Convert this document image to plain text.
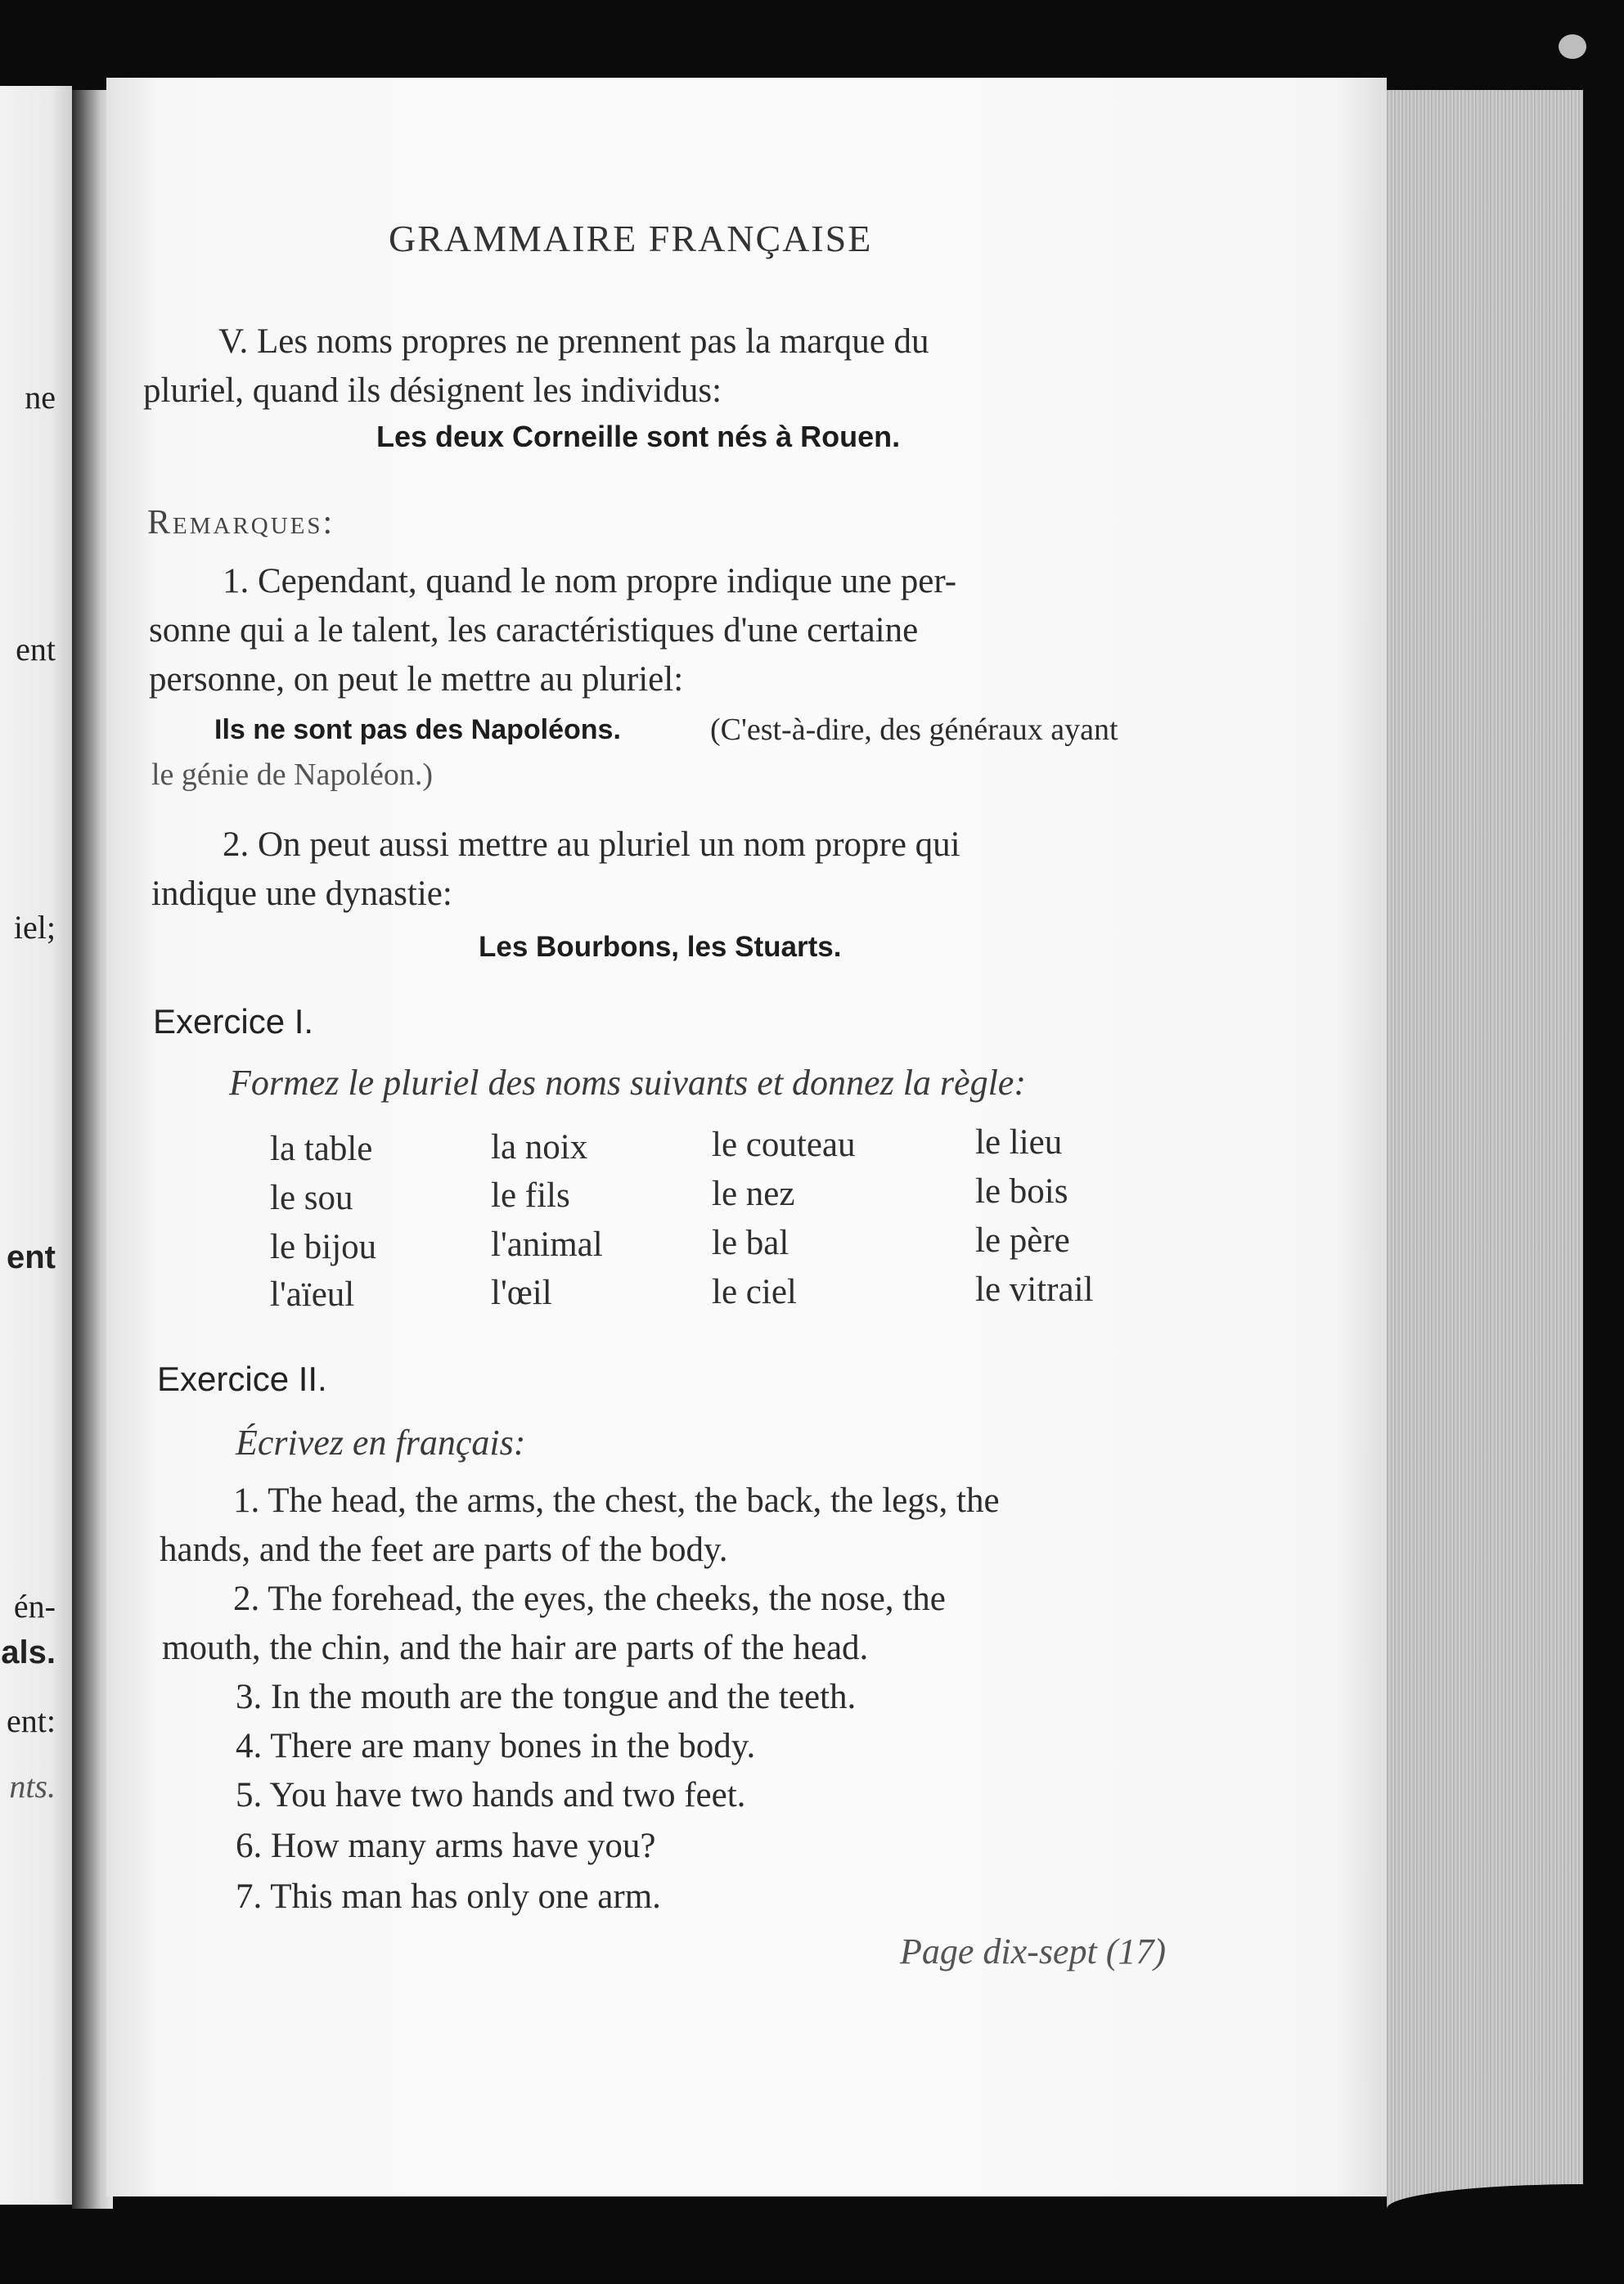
ne
ent
iel;
ent
én-
als.
ent:
nts.
GRAMMAIRE FRANÇAISE
V. Les noms propres ne prennent pas la marque du
pluriel, quand ils désignent les individus:
Les deux Corneille sont nés à Rouen.
Remarques:
1. Cependant, quand le nom propre indique une per-
sonne qui a le talent, les caractéristiques d'une certaine
personne, on peut le mettre au pluriel:
Ils ne sont pas des Napoléons.	(C'est-à-dire, des généraux ayant
le génie de Napoléon.)
2. On peut aussi mettre au pluriel un nom propre qui
indique une dynastie:
Les Bourbons, les Stuarts.
Exercice I.
Formez le pluriel des noms suivants et donnez la règle:
la table
le sou
le bijou
l'aïeul
la noix
le fils
l'animal
l'œil
le couteau
le nez
le bal
le ciel
le lieu
le bois
le père
le vitrail
Exercice II.
Écrivez en français:
1. The head, the arms, the chest, the back, the legs, the
hands, and the feet are parts of the body.
2. The forehead, the eyes, the cheeks, the nose, the
mouth, the chin, and the hair are parts of the head.
3. In the mouth are the tongue and the teeth.
4. There are many bones in the body.
5. You have two hands and two feet.
6. How many arms have you?
7. This man has only one arm.
Page dix-sept (17)
